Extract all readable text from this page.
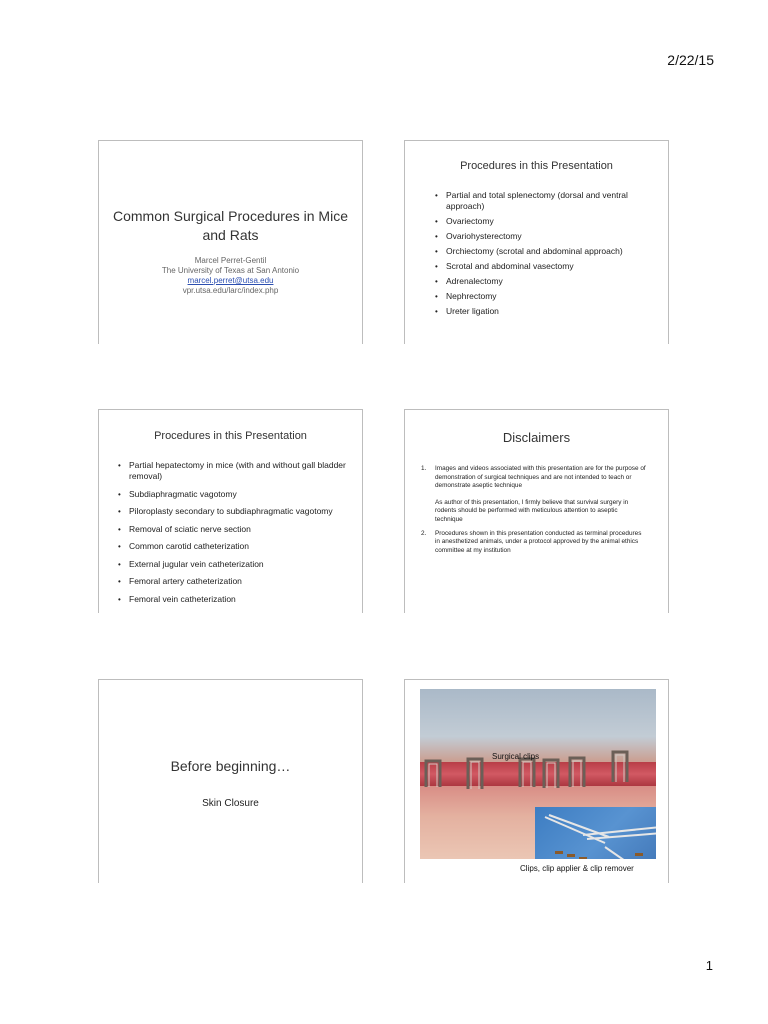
2/22/15
Common Surgical Procedures in Mice and Rats
Marcel Perret-Gentil
The University of Texas at San Antonio
marcel.perret@utsa.edu
vpr.utsa.edu/larc/index.php
Procedures in this Presentation
• Partial and total splenectomy (dorsal and ventral approach)
• Ovariectomy
• Ovariohysterectomy
• Orchiectomy (scrotal and abdominal approach)
• Scrotal and abdominal vasectomy
• Adrenalectomy
• Nephrectomy
• Ureter ligation
Procedures in this Presentation
• Partial hepatectomy in mice (with and without gall bladder removal)
• Subdiaphragmatic vagotomy
• Piloroplasty secondary to subdiaphragmatic vagotomy
• Removal of sciatic nerve section
• Common carotid catheterization
• External jugular vein catheterization
• Femoral artery catheterization
• Femoral vein catheterization
Disclaimers
1. Images and videos associated with this presentation are for the purpose of demonstration of surgical techniques and are not intended to teach or demonstrate aseptic technique
As author of this presentation, I firmly believe that survival surgery in rodents should be performed with meticulous attention to aseptic technique
2. Procedures shown in this presentation conducted as terminal procedures in anesthetized animals, under a protocol approved by the animal ethics committee at my institution
Before beginning…
Skin Closure
Surgical clips
Clips, clip applier & clip remover
1
